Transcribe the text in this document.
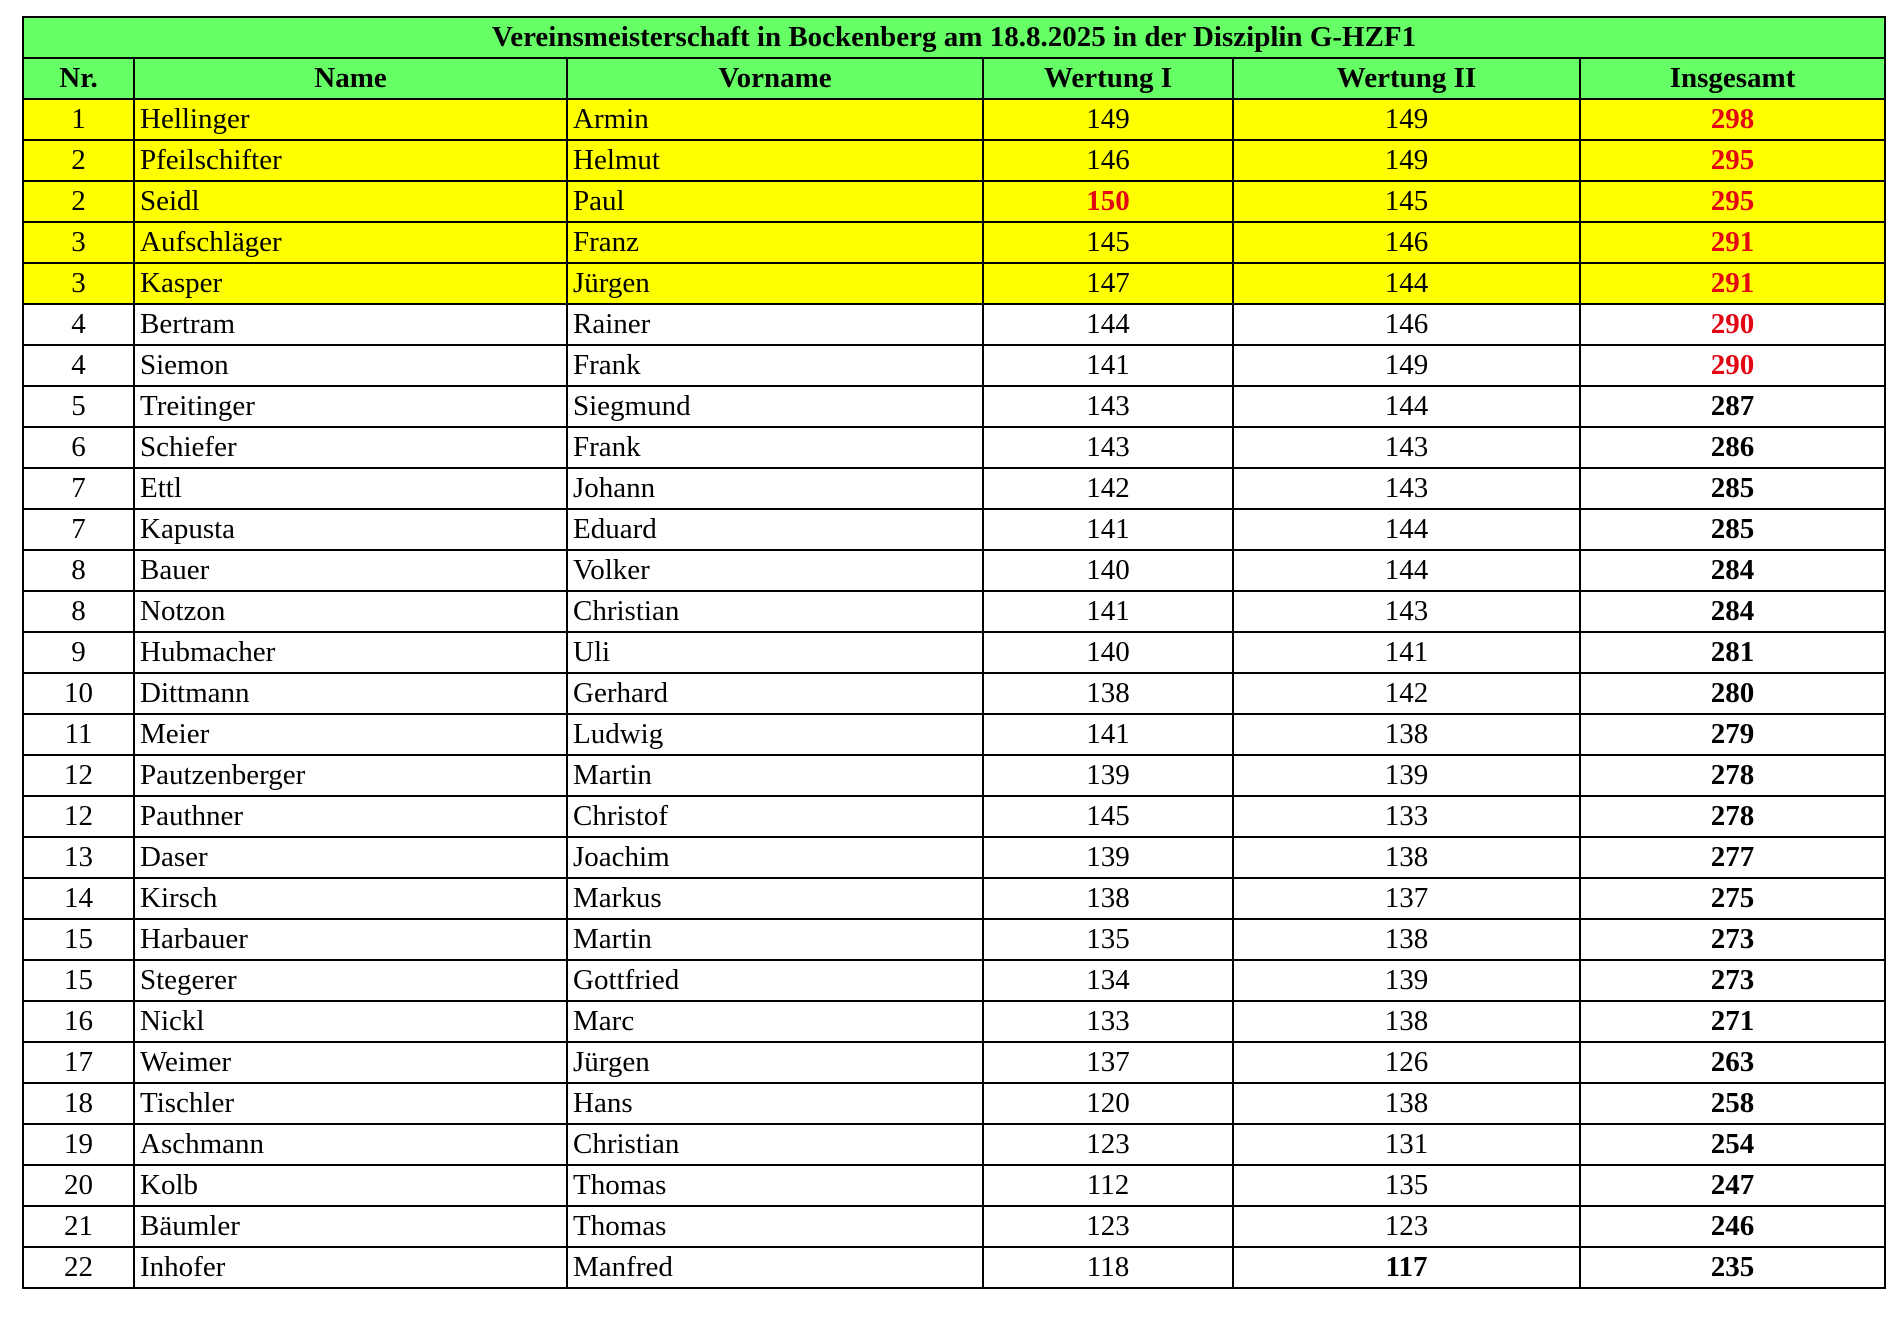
Vereinsmeisterschaft in Bockenberg am 18.8.2025 in der Disziplin G-HZF1					
Nr.	Name	Vorname	Wertung I	Wertung II	Insgesamt
1	Hellinger	Armin	149	149	298
2	Pfeilschifter	Helmut	146	149	295
2	Seidl	Paul	150	145	295
3	Aufschläger	Franz	145	146	291
3	Kasper	Jürgen	147	144	291
4	Bertram	Rainer	144	146	290
4	Siemon	Frank	141	149	290
5	Treitinger	Siegmund	143	144	287
6	Schiefer	Frank	143	143	286
7	Ettl	Johann	142	143	285
7	Kapusta	Eduard	141	144	285
8	Bauer	Volker	140	144	284
8	Notzon	Christian	141	143	284
9	Hubmacher	Uli	140	141	281
10	Dittmann	Gerhard	138	142	280
11	Meier	Ludwig	141	138	279
12	Pautzenberger	Martin	139	139	278
12	Pauthner	Christof	145	133	278
13	Daser	Joachim	139	138	277
14	Kirsch	Markus	138	137	275
15	Harbauer	Martin	135	138	273
15	Stegerer	Gottfried	134	139	273
16	Nickl	Marc	133	138	271
17	Weimer	Jürgen	137	126	263
18	Tischler	Hans	120	138	258
19	Aschmann	Christian	123	131	254
20	Kolb	Thomas	112	135	247
21	Bäumler	Thomas	123	123	246
22	Inhofer	Manfred	118	117	235
